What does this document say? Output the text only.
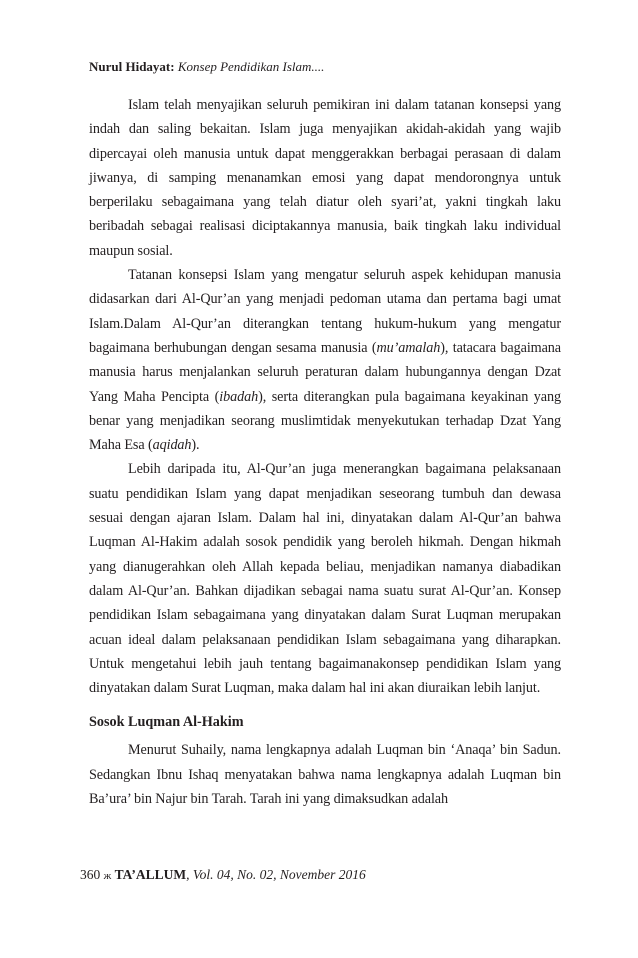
Nurul Hidayat: Konsep Pendidikan Islam....

Islam telah menyajikan seluruh pemikiran ini dalam tatanan konsepsi yang indah dan saling bekaitan. Islam juga menyajikan akidah-akidah yang wajib dipercayai oleh manusia untuk dapat menggerakkan berbagai perasaan di dalam jiwanya, di samping menanamkan emosi yang dapat mendorongnya untuk berperilaku sebagaimana yang telah diatur oleh syari’at, yakni tingkah laku beribadah sebagai realisasi diciptakannya manusia, baik tingkah laku individual maupun sosial.

Tatanan konsepsi Islam yang mengatur seluruh aspek kehidupan manusia didasarkan dari Al-Qur’an yang menjadi pedoman utama dan pertama bagi umat Islam.Dalam Al-Qur’an diterangkan tentang hukum-hukum yang mengatur bagaimana berhubungan dengan sesama manusia (mu’amalah), tatacara bagaimana manusia harus menjalankan seluruh peraturan dalam hubungannya dengan Dzat Yang Maha Pencipta (ibadah), serta diterangkan pula bagaimana keyakinan yang benar yang menjadikan seorang muslimtidak menyekutukan terhadap Dzat Yang Maha Esa (aqidah).

Lebih daripada itu, Al-Qur’an juga menerangkan bagaimana pelaksanaan suatu pendidikan Islam yang dapat menjadikan seseorang tumbuh dan dewasa sesuai dengan ajaran Islam. Dalam hal ini, dinyatakan dalam Al-Qur’an bahwa Luqman Al-Hakim adalah sosok pendidik yang beroleh hikmah. Dengan hikmah yang dianugerahkan oleh Allah kepada beliau, menjadikan namanya diabadikan dalam Al-Qur’an. Bahkan dijadikan sebagai nama suatu surat Al-Qur’an. Konsep pendidikan Islam sebagaimana yang dinyatakan dalam Surat Luqman merupakan acuan ideal dalam pelaksanaan pendidikan Islam sebagaimana yang diharapkan. Untuk mengetahui lebih jauh tentang bagaimanakonsep pendidikan Islam yang dinyatakan dalam Surat Luqman, maka dalam hal ini akan diuraikan lebih lanjut.

Sosok Luqman Al-Hakim

Menurut Suhaily, nama lengkapnya adalah Luqman bin ‘Anaqa’ bin Sadun. Sedangkan Ibnu Ishaq menyatakan bahwa nama lengkapnya adalah Luqman bin Ba’ura’ bin Najur bin Tarah. Tarah ini yang dimaksudkan adalah

360 ж TA’ALLUM, Vol. 04, No. 02, November 2016
